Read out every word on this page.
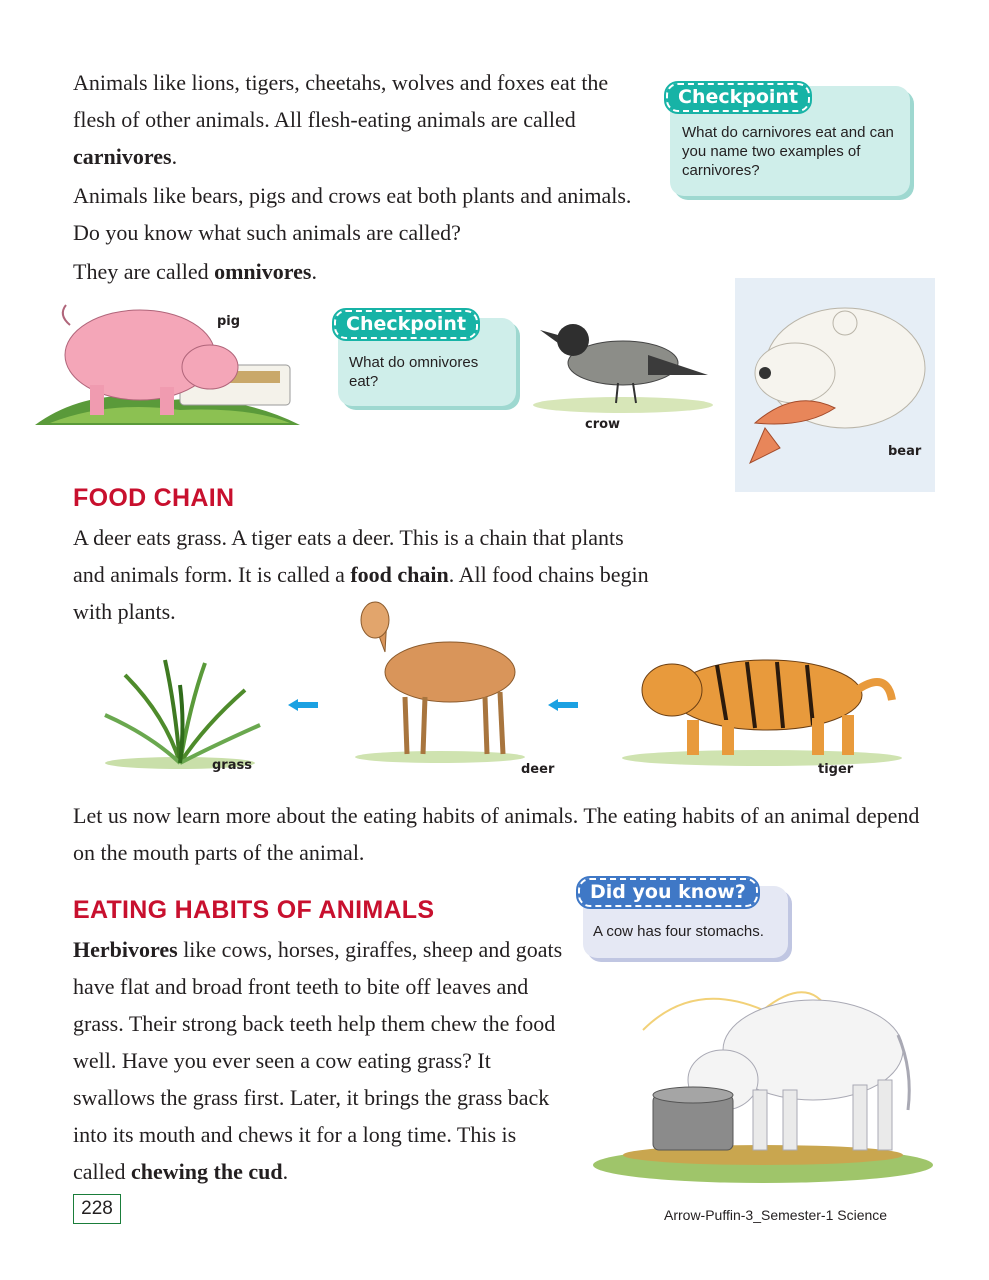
Animals like lions, tigers, cheetahs, wolves and foxes eat the flesh of other animals. All flesh-eating animals are called carnivores.

Animals like bears, pigs and crows eat both plants and animals. Do you know what such animals are called?

They are called omnivores.

Checkpoint
What do carnivores eat and can you name two examples of carnivores?
pig	Checkpoint
What do omnivores eat?
crow
bear
FOOD CHAIN

A deer eats grass. A tiger eats a deer. This is a chain that plants and animals form. It is called a food chain. All food chains begin with plants.

grass	deer	tiger

Let us now learn more about the eating habits of animals. The eating habits of an animal depend on the mouth parts of the animal.

EATING HABITS OF ANIMALS

Herbivores like cows, horses, giraffes, sheep and goats have flat and broad front teeth to bite off leaves and grass. Their strong back teeth help them chew the food well. Have you ever seen a cow eating grass? It swallows the grass first. Later, it brings the grass back into its mouth and chews it for a long time. This is called chewing the cud.

Did you know?
A cow has four stomachs.
228	Arrow-Puffin-3_Semester-1 Science
